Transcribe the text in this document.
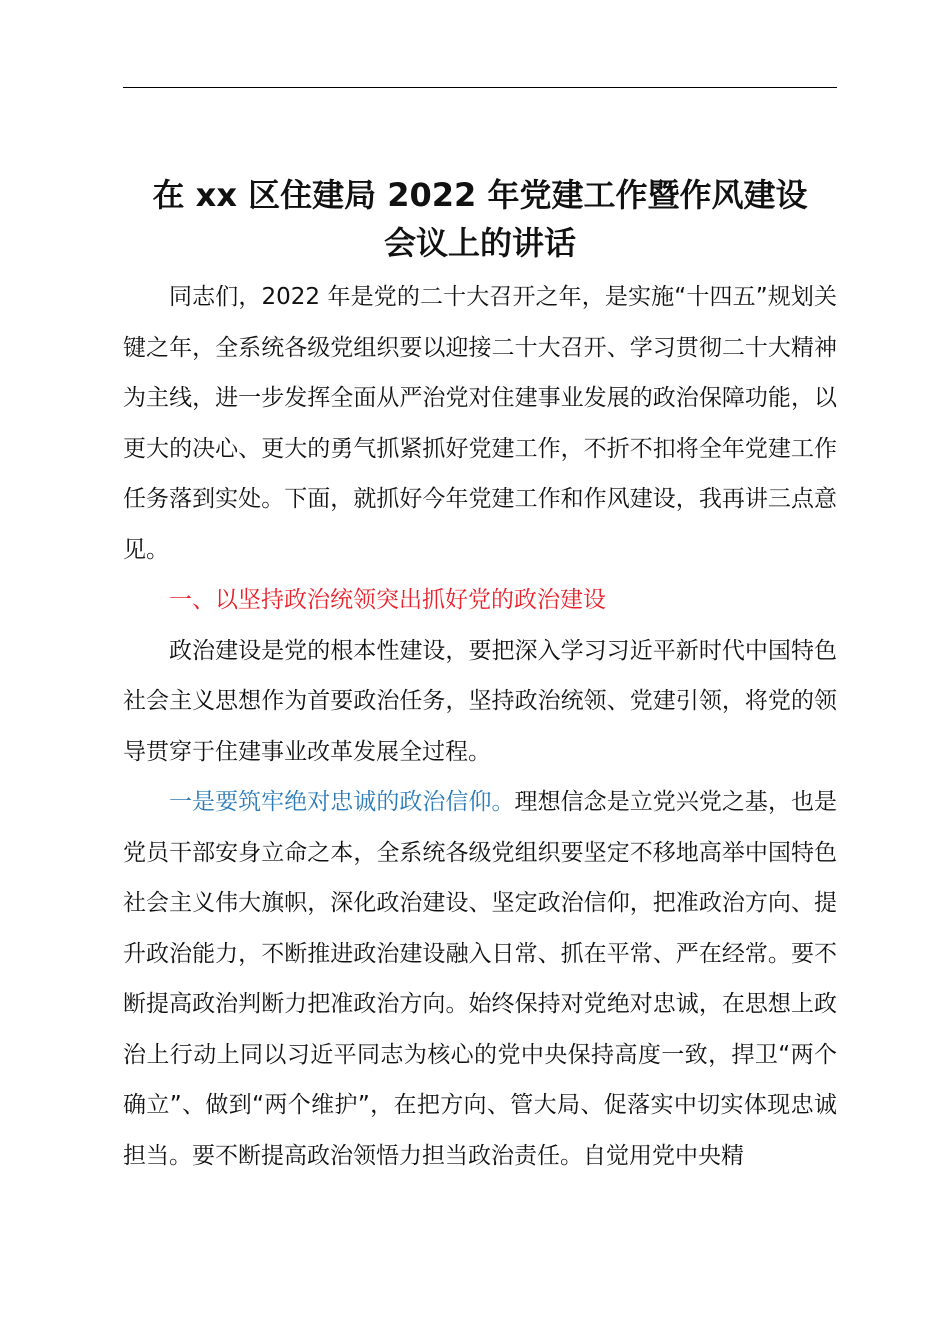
在 xx 区住建局 2022 年党建工作暨作风建设
会议上的讲话

同志们，2022 年是党的二十大召开之年，是实施“十四五”规划关键之年，全系统各级党组织要以迎接二十大召开、学习贯彻二十大精神为主线，进一步发挥全面从严治党对住建事业发展的政治保障功能，以更大的决心、更大的勇气抓紧抓好党建工作，不折不扣将全年党建工作任务落到实处。下面，就抓好今年党建工作和作风建设，我再讲三点意见。

一、以坚持政治统领突出抓好党的政治建设

政治建设是党的根本性建设，要把深入学习习近平新时代中国特色社会主义思想作为首要政治任务，坚持政治统领、党建引领，将党的领导贯穿于住建事业改革发展全过程。

一是要筑牢绝对忠诚的政治信仰。理想信念是立党兴党之基，也是党员干部安身立命之本，全系统各级党组织要坚定不移地高举中国特色社会主义伟大旗帜，深化政治建设、坚定政治信仰，把准政治方向、提升政治能力，不断推进政治建设融入日常、抓在平常、严在经常。要不断提高政治判断力把准政治方向。始终保持对党绝对忠诚，在思想上政治上行动上同以习近平同志为核心的党中央保持高度一致，捍卫“两个确立”、做到“两个维护”，在把方向、管大局、促落实中切实体现忠诚担当。要不断提高政治领悟力担当政治责任。自觉用党中央精
